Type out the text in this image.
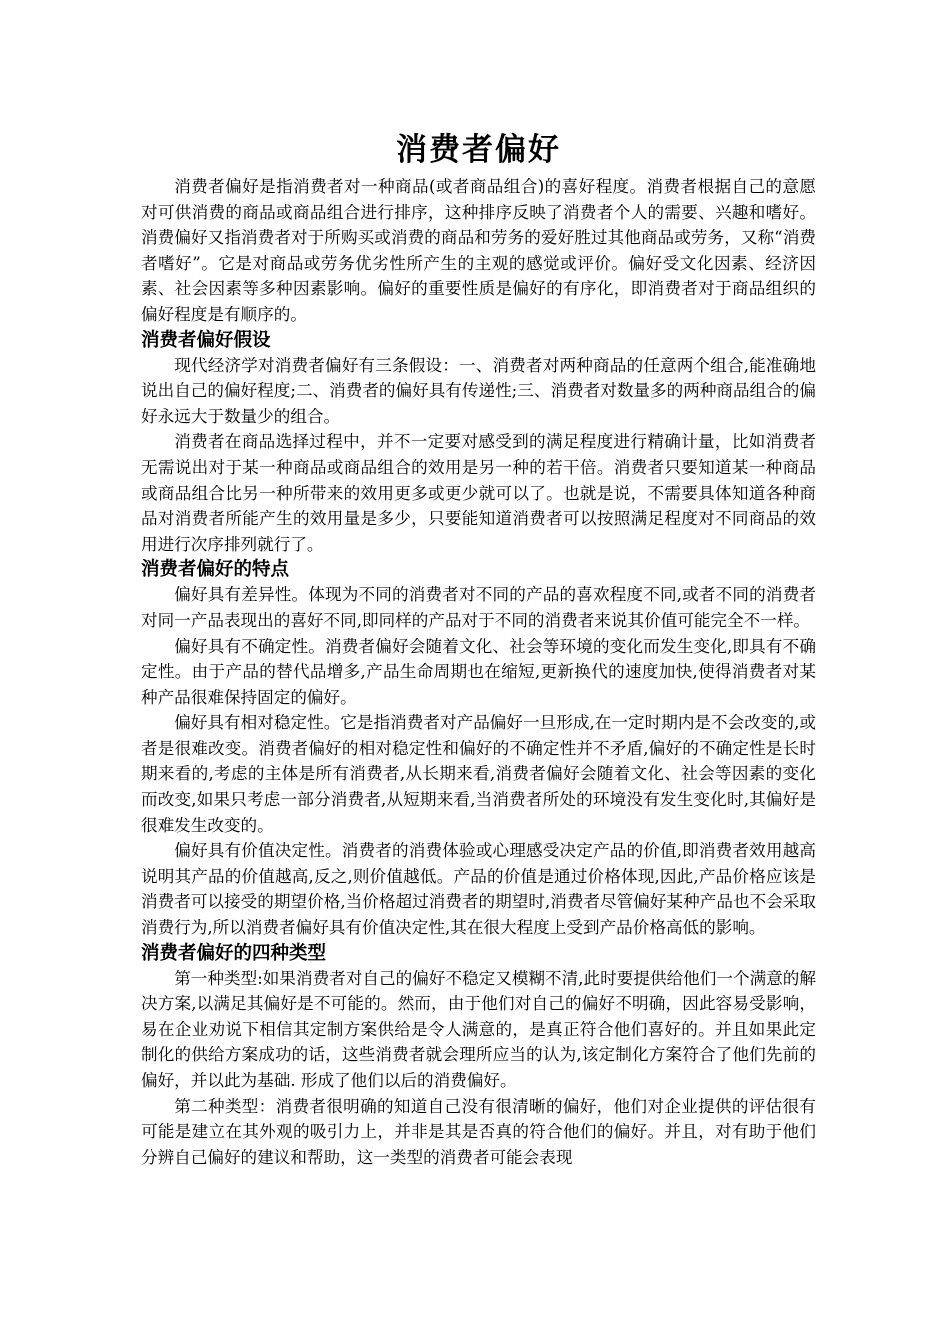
消费者偏好

消费者偏好是指消费者对一种商品(或者商品组合)的喜好程度。消费者根据自己的意愿对可供消费的商品或商品组合进行排序，这种排序反映了消费者个人的需要、兴趣和嗜好。 消费偏好又指消费者对于所购买或消费的商品和劳务的爱好胜过其他商品或劳务，又称“消费者嗜好”。它是对商品或劳务优劣性所产生的主观的感觉或评价。偏好受文化因素、经济因素、社会因素等多种因素影响。偏好的重要性质是偏好的有序化，即消费者对于商品组织的偏好程度是有顺序的。

消费者偏好假设

现代经济学对消费者偏好有三条假设：一、消费者对两种商品的任意两个组合,能准确地说出自己的偏好程度;二、消费者的偏好具有传递性;三、消费者对数量多的两种商品组合的偏好永远大于数量少的组合。

消费者在商品选择过程中，并不一定要对感受到的满足程度进行精确计量，比如消费者无需说出对于某一种商品或商品组合的效用是另一种的若干倍。消费者只要知道某一种商品或商品组合比另一种所带来的效用更多或更少就可以了。也就是说，不需要具体知道各种商品对消费者所能产生的效用量是多少，只要能知道消费者可以按照满足程度对不同商品的效用进行次序排列就行了。

消费者偏好的特点

偏好具有差异性。体现为不同的消费者对不同的产品的喜欢程度不同,或者不同的消费者对同一产品表现出的喜好不同,即同样的产品对于不同的消费者来说其价值可能完全不一样。

偏好具有不确定性。消费者偏好会随着文化、社会等环境的变化而发生变化,即具有不确定性。由于产品的替代品增多,产品生命周期也在缩短,更新换代的速度加快,使得消费者对某种产品很难保持固定的偏好。

偏好具有相对稳定性。它是指消费者对产品偏好一旦形成,在一定时期内是不会改变的,或者是很难改变。消费者偏好的相对稳定性和偏好的不确定性并不矛盾,偏好的不确定性是长时期来看的,考虑的主体是所有消费者,从长期来看,消费者偏好会随着文化、社会等因素的变化而改变,如果只考虑一部分消费者,从短期来看,当消费者所处的环境没有发生变化时,其偏好是很难发生改变的。

偏好具有价值决定性。消费者的消费体验或心理感受决定产品的价值,即消费者效用越高说明其产品的价值越高,反之,则价值越低。产品的价值是通过价格体现,因此,产品价格应该是消费者可以接受的期望价格,当价格超过消费者的期望时,消费者尽管偏好某种产品也不会采取消费行为,所以消费者偏好具有价值决定性,其在很大程度上受到产品价格高低的影响。

消费者偏好的四种类型

第一种类型:如果消费者对自己的偏好不稳定又模糊不清,此时要提供给他们一个满意的解决方案,以满足其偏好是不可能的。然而，由于他们对自己的偏好不明确，因此容易受影响，易在企业劝说下相信其定制方案供给是令人满意的，是真正符合他们喜好的。并且如果此定制化的供给方案成功的话，这些消费者就会理所应当的认为,该定制化方案符合了他们先前的偏好，并以此为基础. 形成了他们以后的消费偏好。

第二种类型：消费者很明确的知道自己没有很清晰的偏好，他们对企业提供的评估很有可能是建立在其外观的吸引力上，并非是其是否真的符合他们的偏好。并且，对有助于他们分辨自己偏好的建议和帮助，这一类型的消费者可能会表现
